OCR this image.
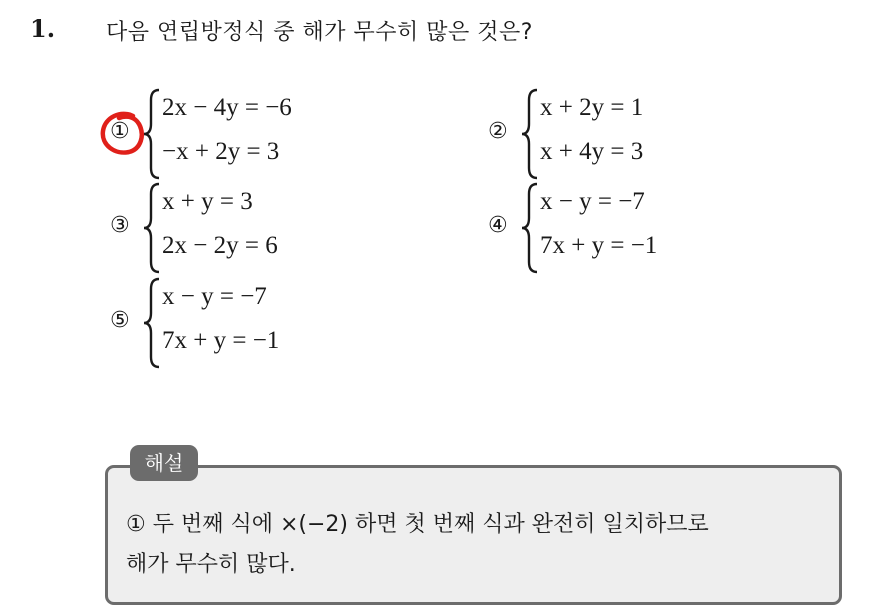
1. 다음 연립방정식 중 해가 무수히 많은 것은?
①
2x − 4y = −6
−x + 2y = 3
②
x + 2y = 1
x + 4y = 3
③
x + y = 3
2x − 2y = 6
④
x − y = −7
7x + y = −1
⑤
x − y = −7
7x + y = −1
해설
① 두 번째 식에 ×(−2) 하면 첫 번째 식과 완전히 일치하므로
해가 무수히 많다.
